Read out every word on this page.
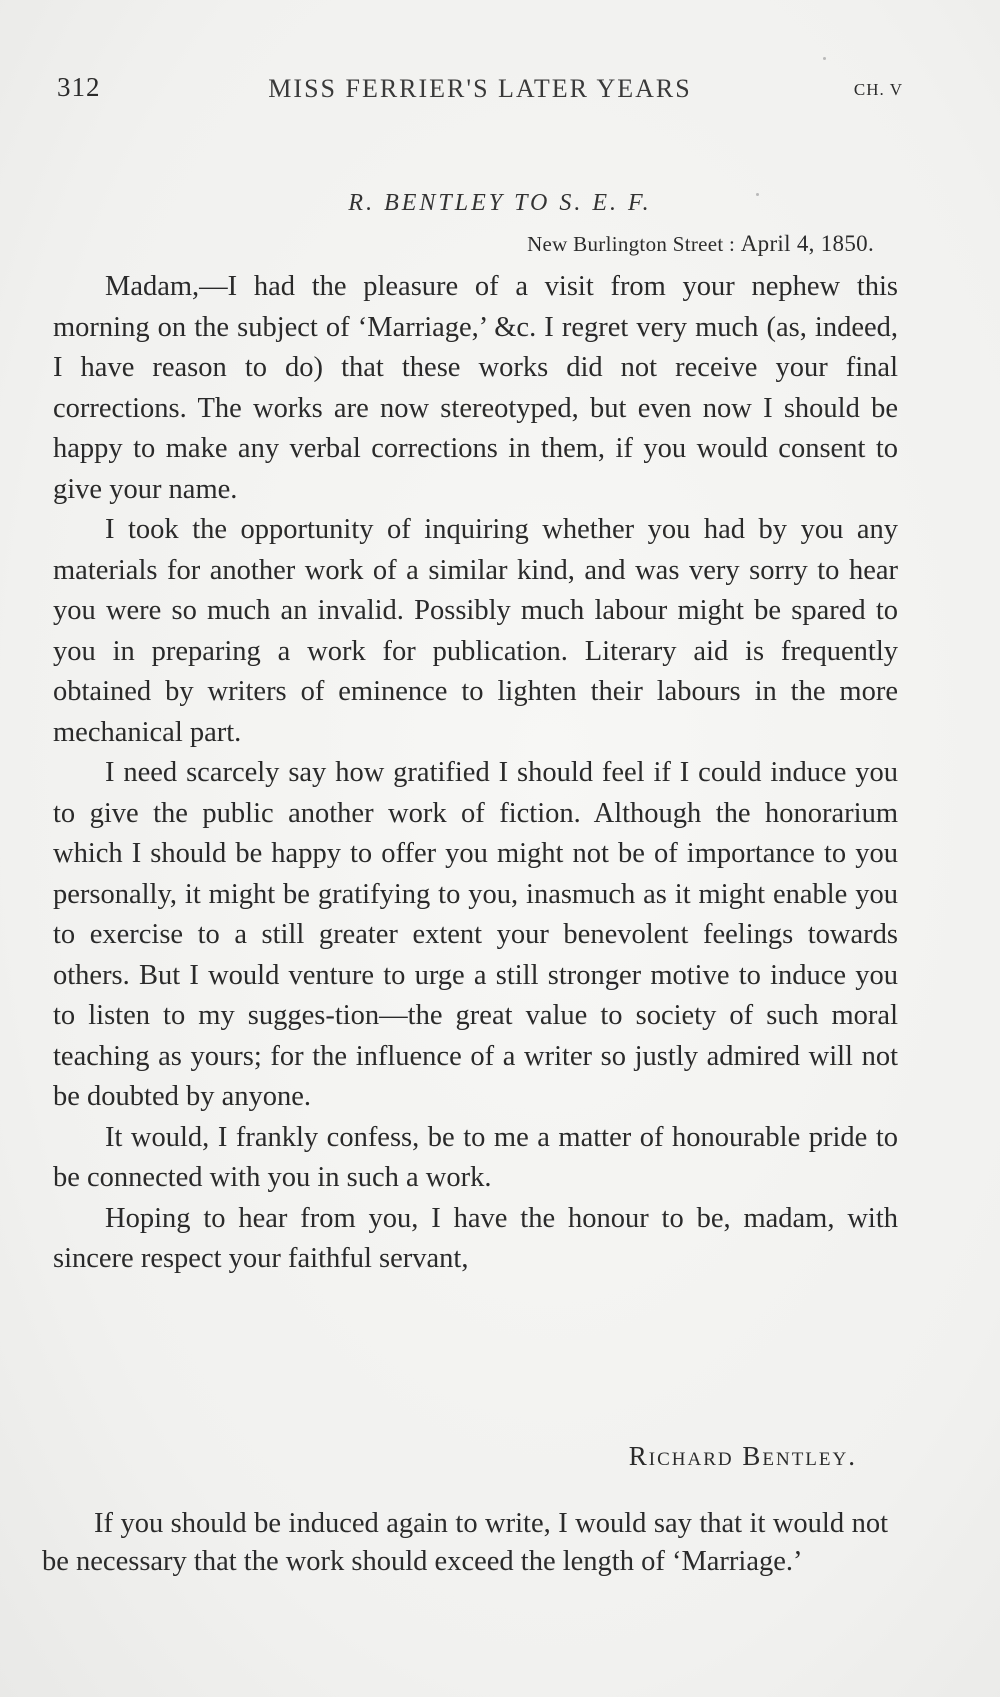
312	MISS FERRIER'S LATER YEARS	CH. V
R. BENTLEY TO S. E. F.
New Burlington Street : April 4, 1850.

Madam,—I had the pleasure of a visit from your nephew this morning on the subject of ‘Marriage,’ &c. I regret very much (as, indeed, I have reason to do) that these works did not receive your final corrections. The works are now stereotyped, but even now I should be happy to make any verbal corrections in them, if you would consent to give your name.

I took the opportunity of inquiring whether you had by you any materials for another work of a similar kind, and was very sorry to hear you were so much an invalid. Possibly much labour might be spared to you in preparing a work for publication. Literary aid is frequently obtained by writers of eminence to lighten their labours in the more mechanical part.

I need scarcely say how gratified I should feel if I could induce you to give the public another work of fiction. Although the honorarium which I should be happy to offer you might not be of importance to you personally, it might be gratifying to you, inasmuch as it might enable you to exercise to a still greater extent your benevolent feelings towards others. But I would venture to urge a still stronger motive to induce you to listen to my sugges-tion—the great value to society of such moral teaching as yours; for the influence of a writer so justly admired will not be doubted by anyone.

It would, I frankly confess, be to me a matter of honourable pride to be connected with you in such a work.

Hoping to hear from you, I have the honour to be, madam, with sincere respect your faithful servant,

Richard Bentley.

If you should be induced again to write, I would say that it would not be necessary that the work should exceed the length of ‘Marriage.’
